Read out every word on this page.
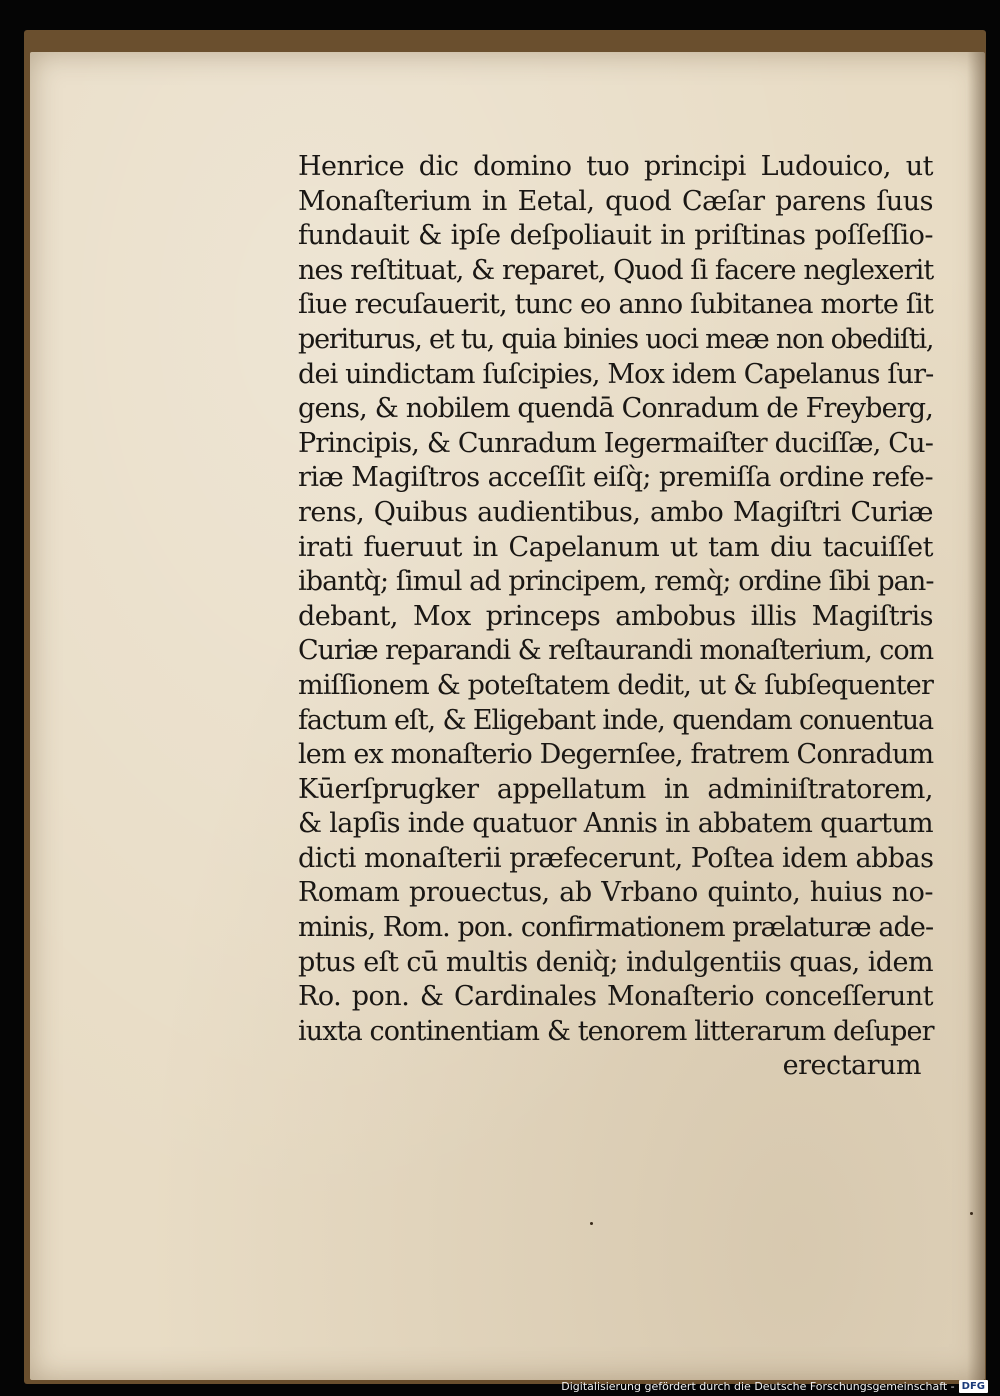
Henrice dic domino tuo principi Ludouico, ut
Monaſterium in Eetal, quod Cæſar parens ſuus
fundauit & ipſe deſpoliauit in priſtinas poſſeſſio-
nes reſtituat, & reparet, Quod ſi facere neglexerit
ſiue recuſauerit, tunc eo anno ſubitanea morte ſit
periturus, et tu, quia binies uoci meæ non obediſti,
dei uindictam ſuſcipies, Mox idem Capelanus ſur-
gens, & nobilem quendā Conradum de Freyberg,
Principis, & Cunradum Iegermaiſter duciſſæ, Cu-
riæ Magiſtros acceſſit eiſq̀; premiſſa ordine refe-
rens, Quibus audientibus, ambo Magiſtri Curiæ
irati fueruut in Capelanum ut tam diu tacuiſſet
ibantq̀; ſimul ad principem, remq̀; ordine ſibi pan-
debant, Mox princeps ambobus illis Magiſtris
Curiæ reparandi & reſtaurandi monaſterium, com
miſſionem & poteſtatem dedit, ut & ſubſequenter
factum eſt, & Eligebant inde, quendam conuentua
lem ex monaſterio Degernſee, fratrem Conradum
Kūerſprugker appellatum in adminiſtratorem,
& lapſis inde quatuor Annis in abbatem quartum
dicti monaſterii præfecerunt, Poſtea idem abbas
Romam prouectus, ab Vrbano quinto, huius no-
minis, Rom. pon. confirmationem prælaturæ ade-
ptus eſt cū multis deniq̀; indulgentiis quas, idem
Ro. pon. & Cardinales Monaſterio conceſſerunt
iuxta continentiam & tenorem litterarum deſuper
erectarum
Digitalisierung gefördert durch die Deutsche Forschungsgemeinschaft - DFG
